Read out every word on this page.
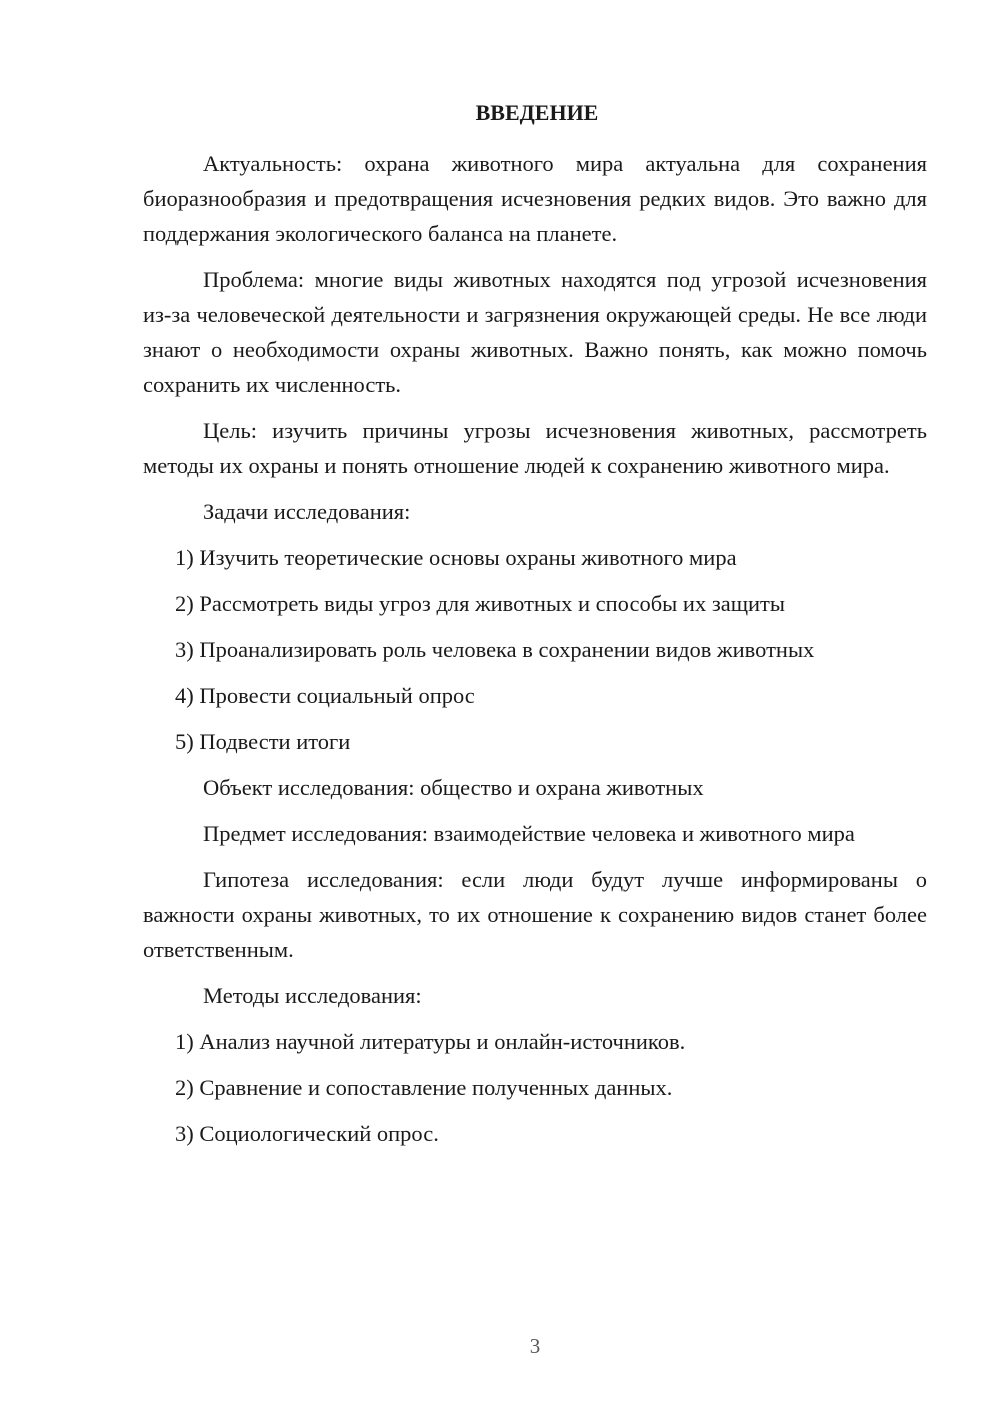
ВВЕДЕНИЕ

Актуальность: охрана животного мира актуальна для сохранения биоразнообразия и предотвращения исчезновения редких видов. Это важно для поддержания экологического баланса на планете.

Проблема: многие виды животных находятся под угрозой исчезновения из-за человеческой деятельности и загрязнения окружающей среды. Не все люди знают о необходимости охраны животных. Важно понять, как можно помочь сохранить их численность.

Цель: изучить причины угрозы исчезновения животных, рассмотреть методы их охраны и понять отношение людей к сохранению животного мира.

Задачи исследования:

1) Изучить теоретические основы охраны животного мира
2) Рассмотреть виды угроз для животных и способы их защиты
3) Проанализировать роль человека в сохранении видов животных
4) Провести социальный опрос
5) Подвести итоги

Объект исследования: общество и охрана животных

Предмет исследования: взаимодействие человека и животного мира

Гипотеза исследования: если люди будут лучше информированы о важности охраны животных, то их отношение к сохранению видов станет более ответственным.

Методы исследования:

1) Анализ научной литературы и онлайн-источников.
2) Сравнение и сопоставление полученных данных.
3) Социологический опрос.
3
